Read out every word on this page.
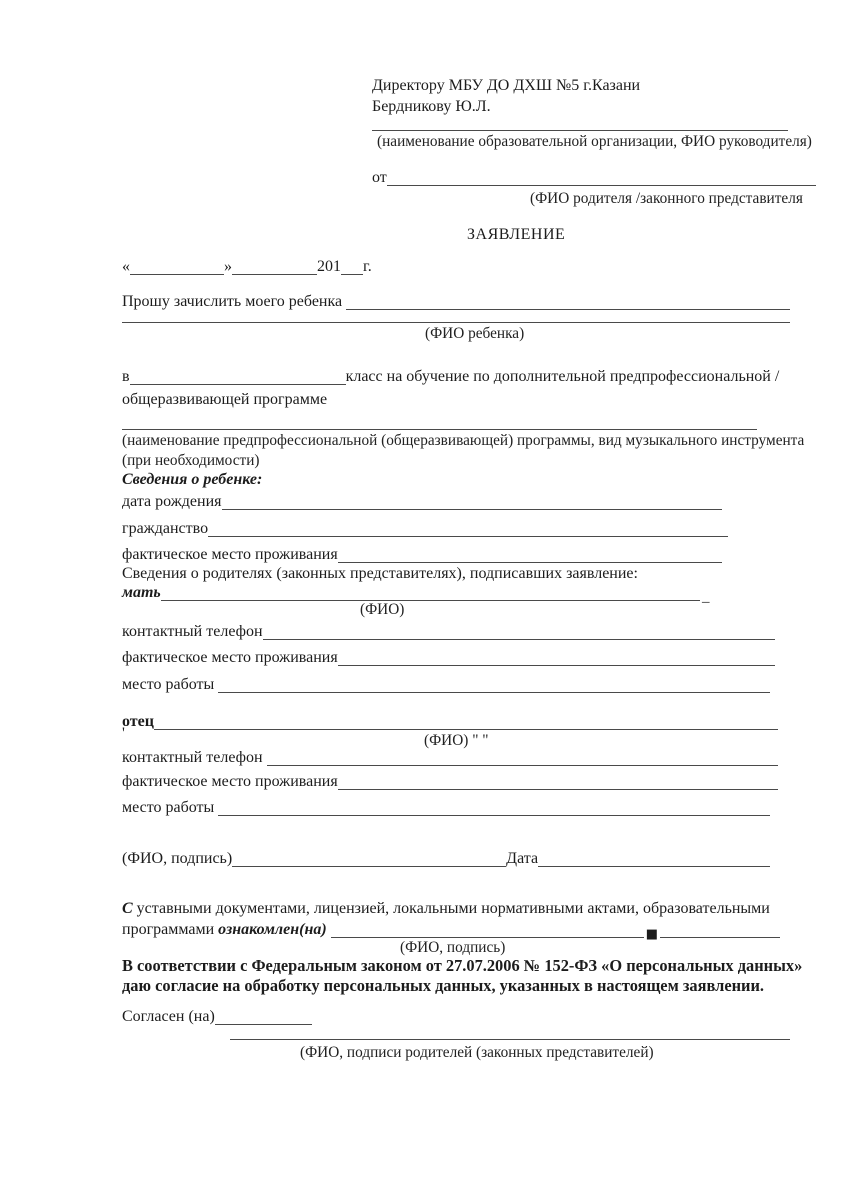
Директору МБУ ДО ДХШ №5 г.Казани
Бердникову Ю.Л.
(наименование образовательной организации, ФИО руководителя)
от
(ФИО родителя /законного представителя
ЗАЯВЛЕНИЕ
«	»	201 г.
Прошу зачислить моего ребенка
(ФИО ребенка)
в	класс на обучение по дополнительной предпрофессиональной /
общеразвивающей программе
(наименование предпрофессиональной (общеразвивающей) программы, вид музыкального инструмента
(при необходимости)
Сведения о ребенке:
дата рождения
гражданство
фактическое место проживания
Сведения о родителях (законных представителях), подписавших заявление:
мать
–
(ФИО)
контактный телефон
фактическое место проживания
место работы
отец
'	(ФИО) " "
контактный телефон
фактическое место проживания
место работы
(ФИО, подпись)	Дата
С уставными документами, лицензией, локальными нормативными актами, образовательными
программами ознакомлен(на)	■
(ФИО, подпись)
В соответствии с Федеральным законом от 27.07.2006 № 152-ФЗ «О персональных данных»
даю согласие на обработку персональных данных, указанных в настоящем заявлении.
Согласен (на)
(ФИО, подписи родителей (законных представителей)
